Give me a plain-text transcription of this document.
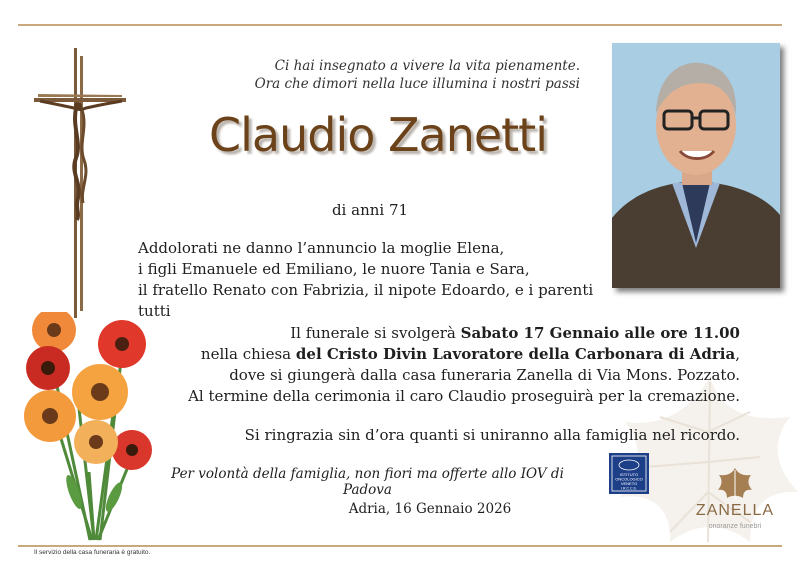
Ci hai insegnato a vivere la vita pienamente.
Ora che dimori nella luce illumina i nostri passi
Claudio Zanetti
di anni 71
Addolorati ne danno l’annuncio la moglie Elena,
i figli Emanuele ed Emiliano, le nuore Tania e Sara,
il fratello Renato con Fabrizia, il nipote Edoardo, e i parenti tutti
Il funerale si svolgerà Sabato 17 Gennaio alle ore 11.00
nella chiesa del Cristo Divin Lavoratore della Carbonara di Adria,
dove si giungerà dalla casa funeraria Zanella di Via Mons. Pozzato.
Al termine della cerimonia il caro Claudio proseguirà per la cremazione.
Si ringrazia sin d’ora quanti si uniranno alla famiglia nel ricordo.
Per volontà della famiglia, non fiori ma offerte allo IOV di Padova
Adria, 16 Gennaio 2026
ISTITUTO
ONCOLOGICO
VENETO
I.R.C.C.S.
ZANELLA
onoranze funebri
Il servizio della casa funeraria è gratuito.
